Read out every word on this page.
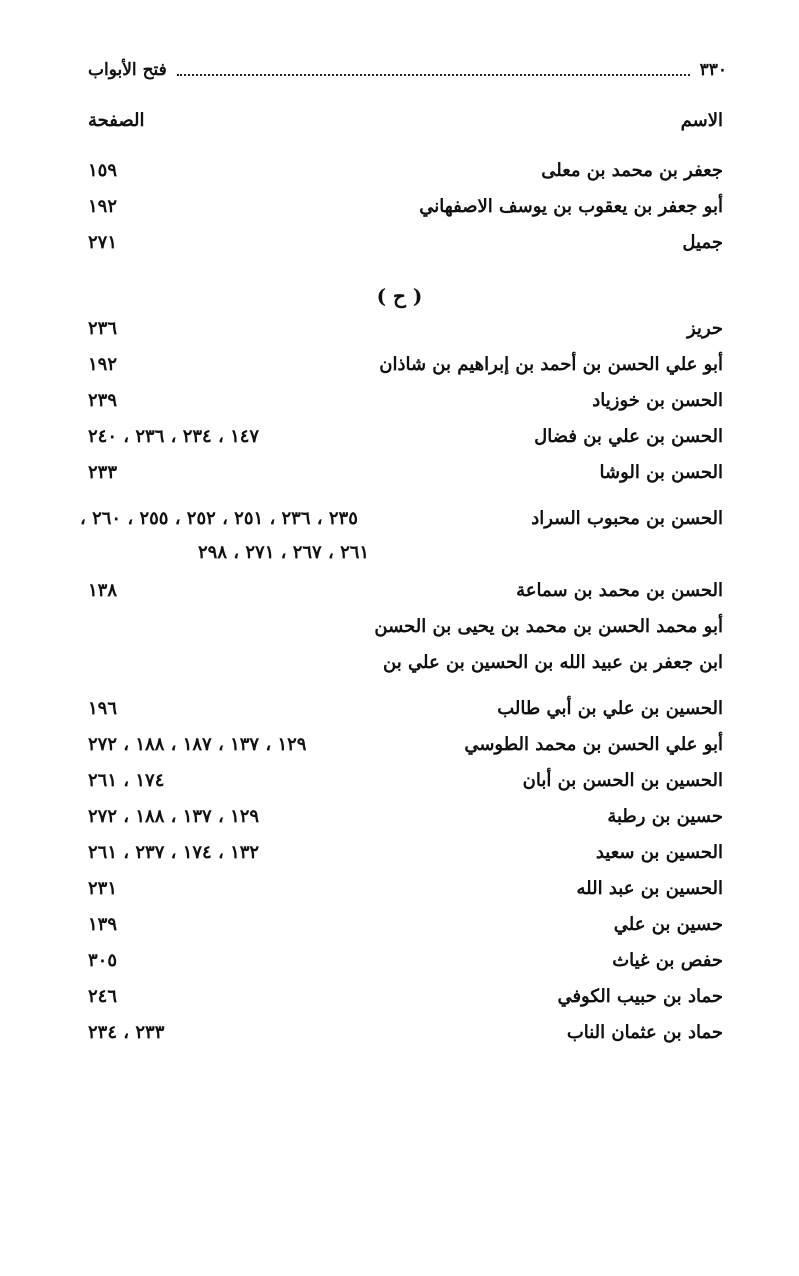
٣٣٠
فتح الأبواب
الاسم
الصفحة
جعفر بن محمد بن معلى
١٥٩
أبو جعفر بن يعقوب بن يوسف الاصفهاني
١٩٢
جميل
٢٧١
( ح )
حريز
٢٣٦
أبو علي الحسن بن أحمد بن إبراهيم بن شاذان
١٩٢
الحسن بن خوزياد
٢٣٩
الحسن بن علي بن فضال
١٤٧ ، ٢٣٤ ، ٢٣٦ ، ٢٤٠
الحسن بن الوشا
٢٣٣
الحسن بن محبوب السراد
٢٣٥ ، ٢٣٦ ، ٢٥١ ، ٢٥٢ ، ٢٥٥ ، ٢٦٠ ،
٢٦١ ، ٢٦٧ ، ٢٧١ ، ٢٩٨
الحسن بن محمد بن سماعة
١٣٨
أبو محمد الحسن بن محمد بن يحيى بن الحسن
ابن جعفر بن عبيد الله بن الحسين بن علي بن
الحسين بن علي بن أبي طالب
١٩٦
أبو علي الحسن بن محمد الطوسي
١٢٩ ، ١٣٧ ، ١٨٧ ، ١٨٨ ، ٢٧٢
الحسين بن الحسن بن أبان
١٧٤ ، ٢٦١
حسين بن رطبة
١٢٩ ، ١٣٧ ، ١٨٨ ، ٢٧٢
الحسين بن سعيد
١٣٢ ، ١٧٤ ، ٢٣٧ ، ٢٦١
الحسين بن عبد الله
٢٣١
حسين بن علي
١٣٩
حفص بن غياث
٣٠٥
حماد بن حبيب الكوفي
٢٤٦
حماد بن عثمان الناب
٢٣٣ ، ٢٣٤
